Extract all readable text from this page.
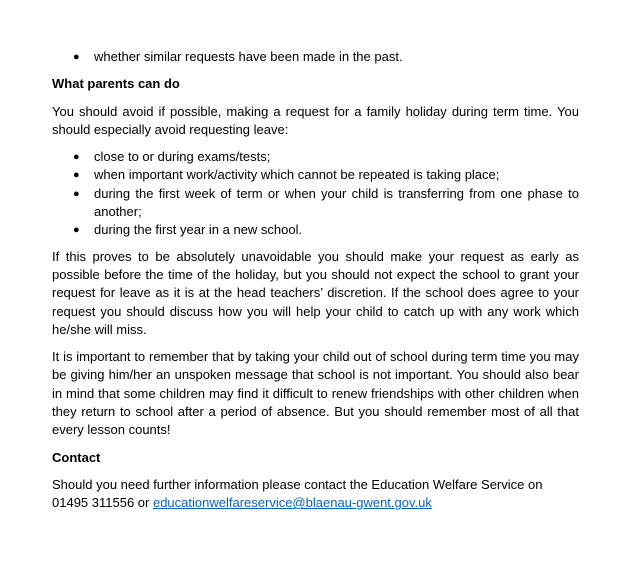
● whether similar requests have been made in the past.

What parents can do

You should avoid if possible, making a request for a family holiday during term time. You should especially avoid requesting leave:

● close to or during exams/tests;
● when important work/activity which cannot be repeated is taking place;
● during the first week of term or when your child is transferring from one phase to another;
● during the first year in a new school.

If this proves to be absolutely unavoidable you should make your request as early as possible before the time of the holiday, but you should not expect the school to grant your request for leave as it is at the head teachers’ discretion. If the school does agree to your request you should discuss how you will help your child to catch up with any work which he/she will miss.

It is important to remember that by taking your child out of school during term time you may be giving him/her an unspoken message that school is not important. You should also bear in mind that some children may find it difficult to renew friendships with other children when they return to school after a period of absence. But you should remember most of all that every lesson counts!

Contact

Should you need further information please contact the Education Welfare Service on 01495 311556 or educationwelfareservice@blaenau-gwent.gov.uk
